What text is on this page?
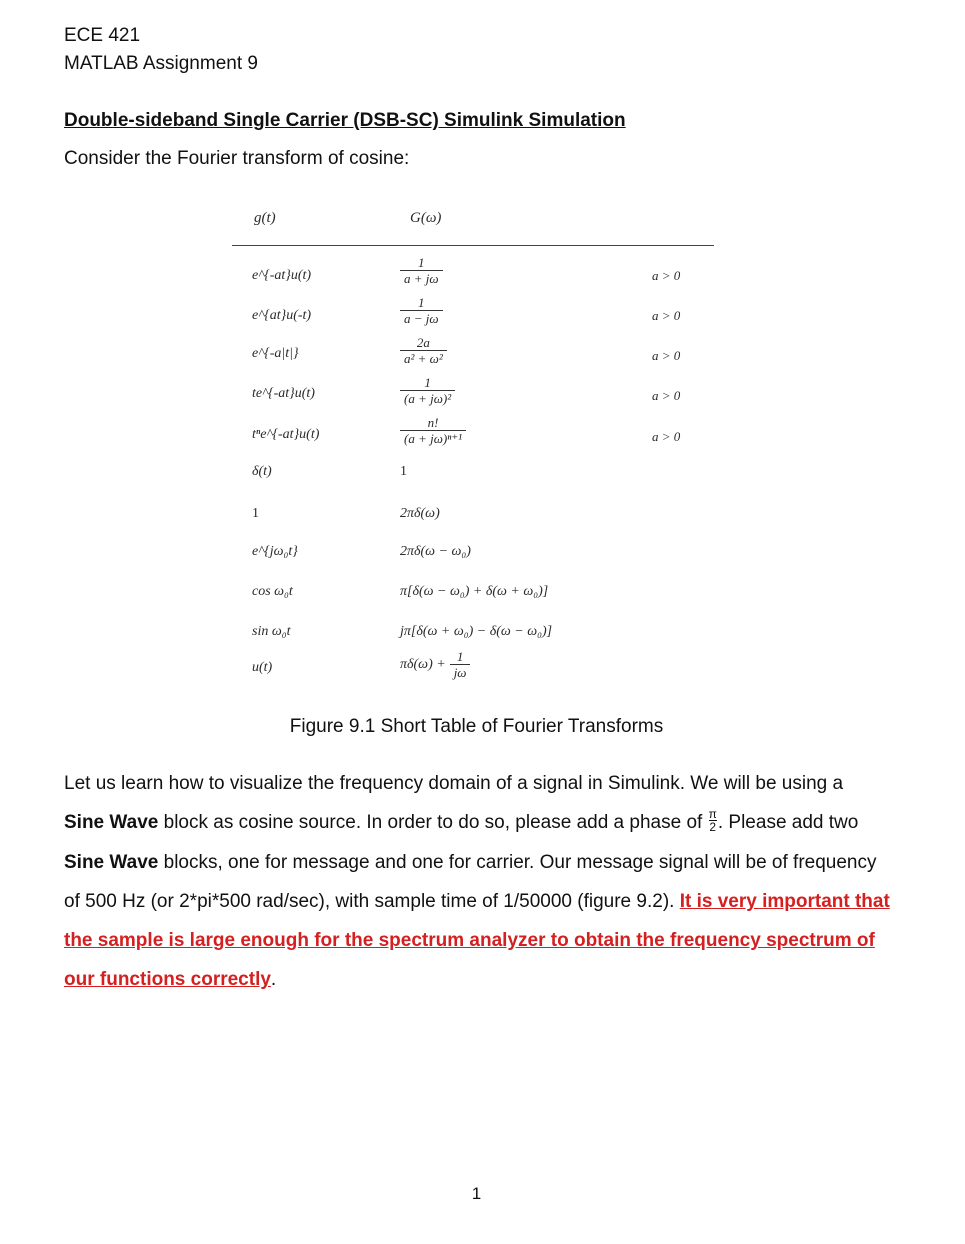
ECE 421
MATLAB Assignment 9
Double-sideband Single Carrier (DSB-SC) Simulink Simulation
Consider the Fourier transform of cosine:
g(t)	G(ω)
e^{-at}u(t)	$\frac{1}{a + j\omega}$	a > 0
e^{at}u(-t)	$\frac{1}{a - j\omega}$	a > 0
e^{-a|t|}	$\frac{2a}{\text{a² + ω²}}$	a > 0
te^{-at}u(t)	$\frac{1}{\text{(a + jω)²}}$	a > 0
tⁿe^{-at}u(t)	$\frac{n!}{\text{(a + jω)ⁿ⁺¹}}$	a > 0
δ(t)	1
1	2πδ(ω)
e^{jω₀t}	2πδ(ω − ω₀)
cos ω₀t	π[δ(ω − ω₀) + δ(ω + ω₀)]
sin ω₀t	jπ[δ(ω + ω₀) − δ(ω − ω₀)]
u(t)	$\pi\delta(\omega) + \frac{1}{j\omega}$
Figure 9.1 Short Table of Fourier Transforms
Let us learn how to visualize the frequency domain of a signal in Simulink. We will be using a
Sine Wave block as cosine source. In order to do so, please add a phase of $\frac{\pi}{2}$ . Please add two
Sine Wave blocks, one for message and one for carrier. Our message signal will be of frequency of 500 Hz (or 2*pi*500 rad/sec), with sample time of 1/50000 (figure 9.2). It is very important that the sample is large enough for the spectrum analyzer to obtain the frequency spectrum of our functions correctly.
1
